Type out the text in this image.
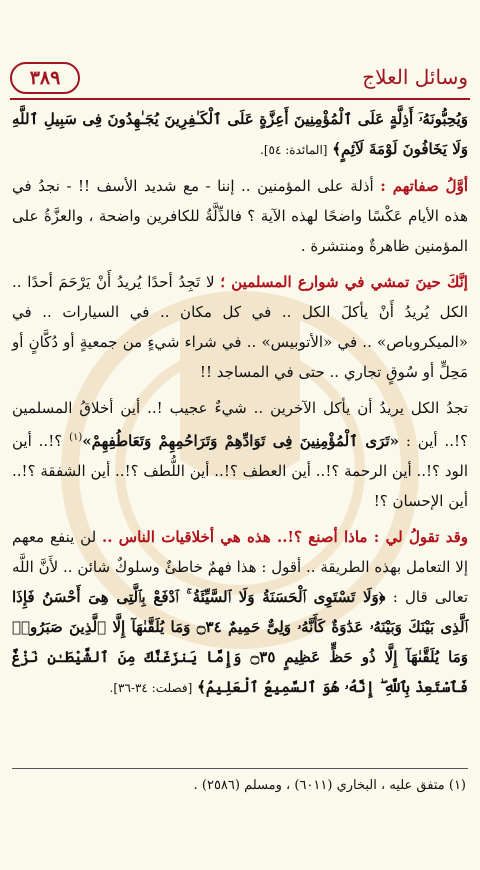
٣٨٩	وسائل العلاج

وَيُحِبُّونَهُۥٓ أَذِلَّةٍ عَلَى ٱلْمُؤْمِنِينَ أَعِزَّةٍ عَلَى ٱلْكَـٰفِرِينَ يُجَـٰهِدُونَ فِى سَبِيلِ ٱللَّهِ وَلَا يَخَافُونَ لَوْمَةَ لَآئِمٍ﴾ [المائدة: ٥٤].

أوَّلُ صفاتهم : أذلة على المؤمنين .. إننا - مع شديد الأسف !! - نجدُ في هذه الأيام عَكْسًا واضحًا لهذه الآية ؟ فالذِّلَّةُ للكافرين واضحة ، والعزَّةُ على المؤمنين ظاهرةٌ ومنتشرة .

إنَّكَ حينَ تمشي في شوارع المسلمين ؛ لا تَجِدُ أحدًا يُريدُ أَنْ يَرْحَمَ أحدًا .. الكل يُريدُ أَنْ يأكلَ الكل .. في كل مكان .. في السيارات .. في «الميكروباص» .. في «الأتوبيس» .. في شراء شيءٍ من جمعيةٍ أو دُكَّانٍ أو مَحِلٍّ أو سُوقٍ تجاري .. حتى في المساجد !!

تجدُ الكل يريدُ أن يأكل الآخرين .. شيءٌ عجيب !.. أين أخلاقُ المسلمين ؟!.. أين : «تَرَى ٱلْمُؤْمِنِينَ فِى تَوَادِّهِمْ وَتَرَاحُمِهِمْ وَتَعَاطُفِهِمْ»$^{(١)}$ ؟!.. أين الود ؟!.. أين الرحمة ؟!.. أين العطف ؟!.. أين اللُّطف ؟!.. أين الشفقة ؟!.. أين الإحسان ؟!

وقد تقولُ لي : ماذا أصنع ؟!.. هذه هي أخلاقيات الناس .. لن ينفع معهم إلا التعامل بهذه الطريقة .. أقول : هذا فهمٌ خاطئٌ وسلوكٌ شائن .. لأَنَّ اللَّه تعالى قال : ﴿وَلَا تَسْتَوِى ٱلْحَسَنَةُ وَلَا ٱلسَّيِّئَةُ ۚ ٱدْفَعْ بِٱلَّتِى هِىَ أَحْسَنُ فَإِذَا ٱلَّذِى بَيْنَكَ وَبَيْنَهُۥ عَدَٰوَةٌ كَأَنَّهُۥ وَلِىٌّ حَمِيمٌ ۝٣٤ وَمَا يُلَقَّىٰهَآ إِلَّا ٱلَّذِينَ صَبَرُوا۟ وَمَا يُلَقَّىٰهَآ إِلَّا ذُو حَظٍّ عَظِيمٍ ۝٣٥ وَإِمَّا يَنزَغَنَّكَ مِنَ ٱلشَّيْطَـٰنِ نَزْغٌ فَٱسْتَعِذْ بِٱللَّهِ ۖ إِنَّهُۥ هُوَ ٱلسَّمِيعُ ٱلْعَلِيمُ﴾ [فصلت: ٣٤-٣٦].

(١) متفق عليه ، البخاري (٦٠١١) ، ومسلم (٢٥٨٦) .
